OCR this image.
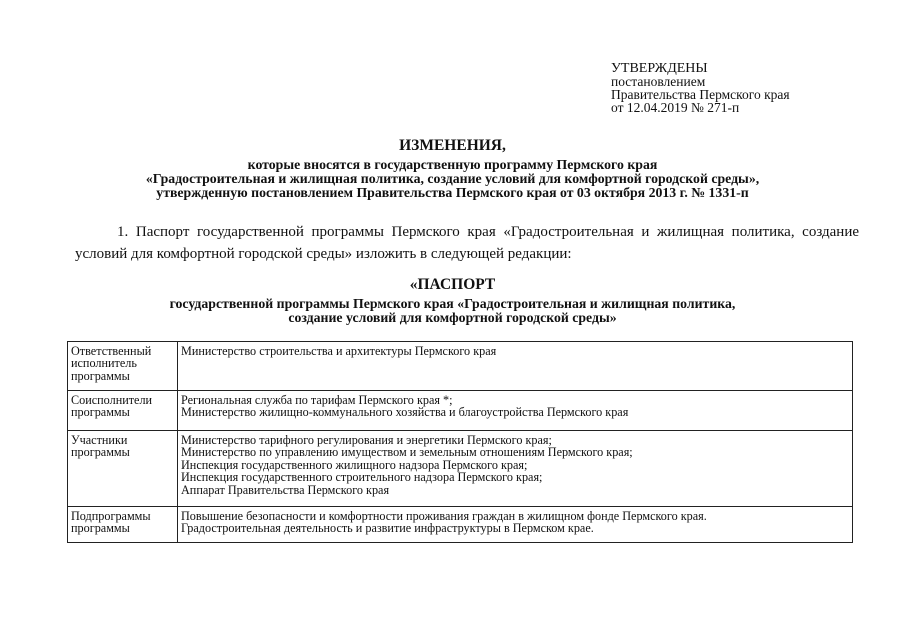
УТВЕРЖДЕНЫ
постановлением
Правительства Пермского края
от 12.04.2019 № 271-п
ИЗМЕНЕНИЯ,
которые вносятся в государственную программу Пермского края
«Градостроительная и жилищная политика, создание условий для комфортной городской среды»,
утвержденную постановлением Правительства Пермского края от 03 октября 2013 г. № 1331-п
1. Паспорт государственной программы Пермского края «Градостроительная и жилищная политика, создание условий для комфортной городской среды» изложить в следующей редакции:
«ПАСПОРТ
государственной программы Пермского края «Градостроительная и жилищная политика,
создание условий для комфортной городской среды»
Ответственный
исполнитель
программы	Министерство строительства и архитектуры Пермского края

Соисполнители
программы	Региональная служба по тарифам Пермского края *;
Министерство жилищно-коммунального хозяйства и благоустройства Пермского края

Участники
программы	Министерство тарифного регулирования и энергетики Пермского края;
Министерство по управлению имуществом и земельным отношениям Пермского края;
Инспекция государственного жилищного надзора Пермского края;
Инспекция государственного строительного надзора Пермского края;
Аппарат Правительства Пермского края

Подпрограммы
программы	Повышение безопасности и комфортности проживания граждан в жилищном фонде Пермского края.
Градостроительная деятельность и развитие инфраструктуры в Пермском крае.
